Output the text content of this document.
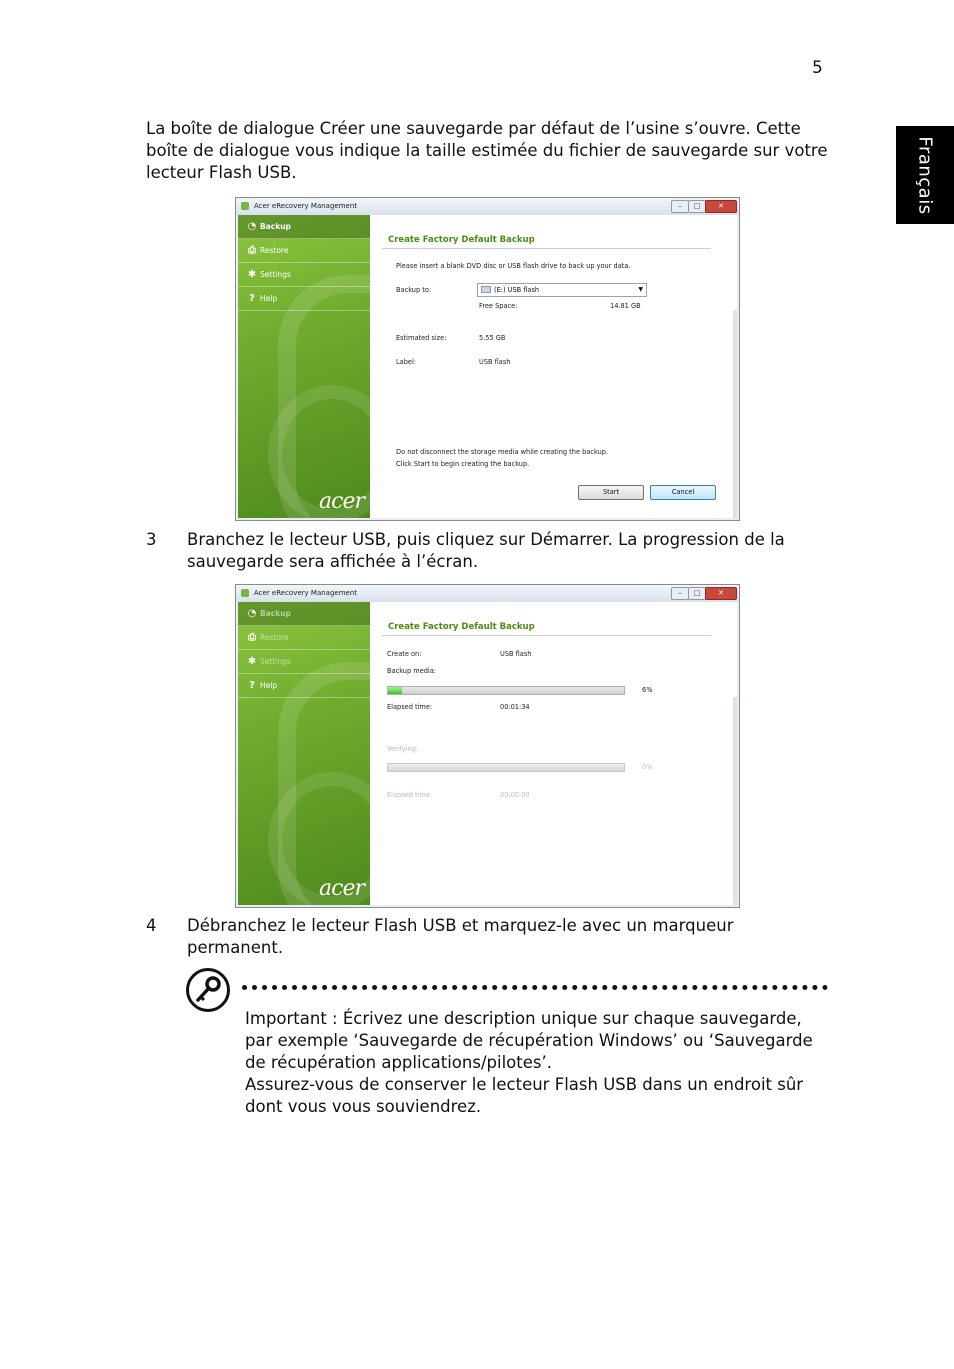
5
Français
La boîte de dialogue Créer une sauvegarde par défaut de l’usine s’ouvre. Cette boîte de dialogue vous indique la taille estimée du fichier de sauvegarde sur votre lecteur Flash USB.
Acer eRecovery Management	–	□	✕
◔ Backup
⎙ Restore
✱ Settings
? Help
acer
Create Factory Default Backup
Please insert a blank DVD disc or USB flash drive to back up your data.
Backup to:	(E:) USB flash	▼
Free Space:	14.81 GB
Estimated size:	5.55 GB
Label:	USB flash
Do not disconnect the storage media while creating the backup.
Click Start to begin creating the backup.
Start	Cancel
3 Branchez le lecteur USB, puis cliquez sur Démarrer. La progression de la sauvegarde sera affichée à l’écran.
Acer eRecovery Management	–	□	✕
◔ Backup
⎙ Restore
✱ Settings
? Help
acer
Create Factory Default Backup
Create on:	USB flash
Backup media:
6%
Elapsed time:	00:01:34
Verifying:
0%
Elapsed time:	00:00:00
4 Débranchez le lecteur Flash USB et marquez-le avec un marqueur permanent.
Important : Écrivez une description unique sur chaque sauvegarde, par exemple ‘Sauvegarde de récupération Windows’ ou ‘Sauvegarde de récupération applications/pilotes’.
Assurez-vous de conserver le lecteur Flash USB dans un endroit sûr dont vous vous souviendrez.
